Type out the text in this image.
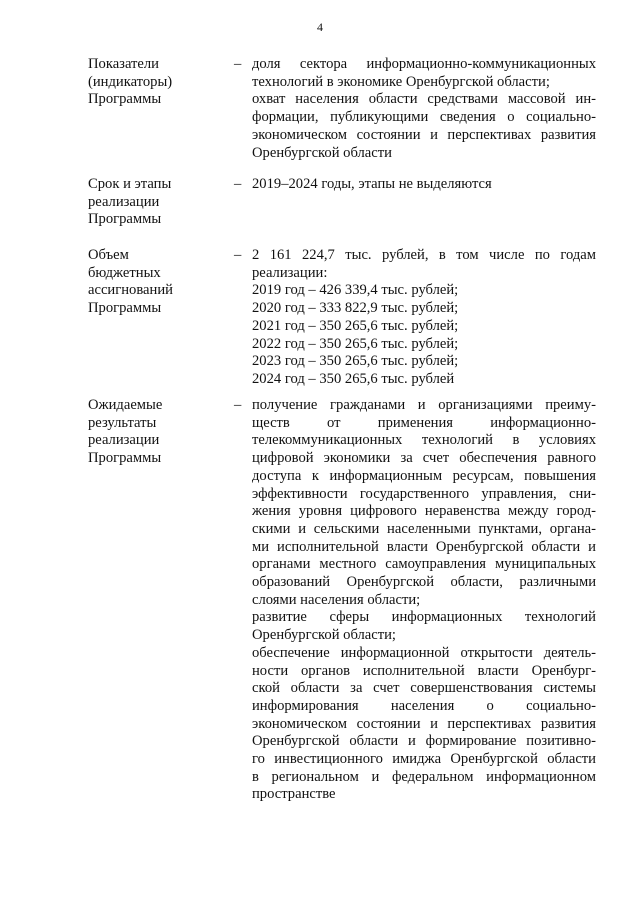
4
Показатели
(индикаторы)
Программы
– доля сектора информационно-коммуникационных
технологий в экономике Оренбургской области;
охват населения области средствами массовой ин-
формации, публикующими сведения о социально-
экономическом состоянии и перспективах развития
Оренбургской области
Срок и этапы
реализации
Программы
– 2019–2024 годы, этапы не выделяются
Объем
бюджетных
ассигнований
Программы
– 2 161 224,7 тыс. рублей, в том числе по годам
реализации:
2019 год – 426 339,4 тыс. рублей;
2020 год – 333 822,9 тыс. рублей;
2021 год – 350 265,6 тыс. рублей;
2022 год – 350 265,6 тыс. рублей;
2023 год – 350 265,6 тыс. рублей;
2024 год – 350 265,6 тыс. рублей
Ожидаемые
результаты
реализации
Программы
– получение гражданами и организациями преиму-
ществ от применения информационно-
телекоммуникационных технологий в условиях
цифровой экономики за счет обеспечения равного
доступа к информационным ресурсам, повышения
эффективности государственного управления, сни-
жения уровня цифрового неравенства между город-
скими и сельскими населенными пунктами, органа-
ми исполнительной власти Оренбургской области и
органами местного самоуправления муниципальных
образований Оренбургской области, различными
слоями населения области;
развитие сферы информационных технологий
Оренбургской области;
обеспечение информационной открытости деятель-
ности органов исполнительной власти Оренбург-
ской области за счет совершенствования системы
информирования населения о социально-
экономическом состоянии и перспективах развития
Оренбургской области и формирование позитивно-
го инвестиционного имиджа Оренбургской области
в региональном и федеральном информационном
пространстве
